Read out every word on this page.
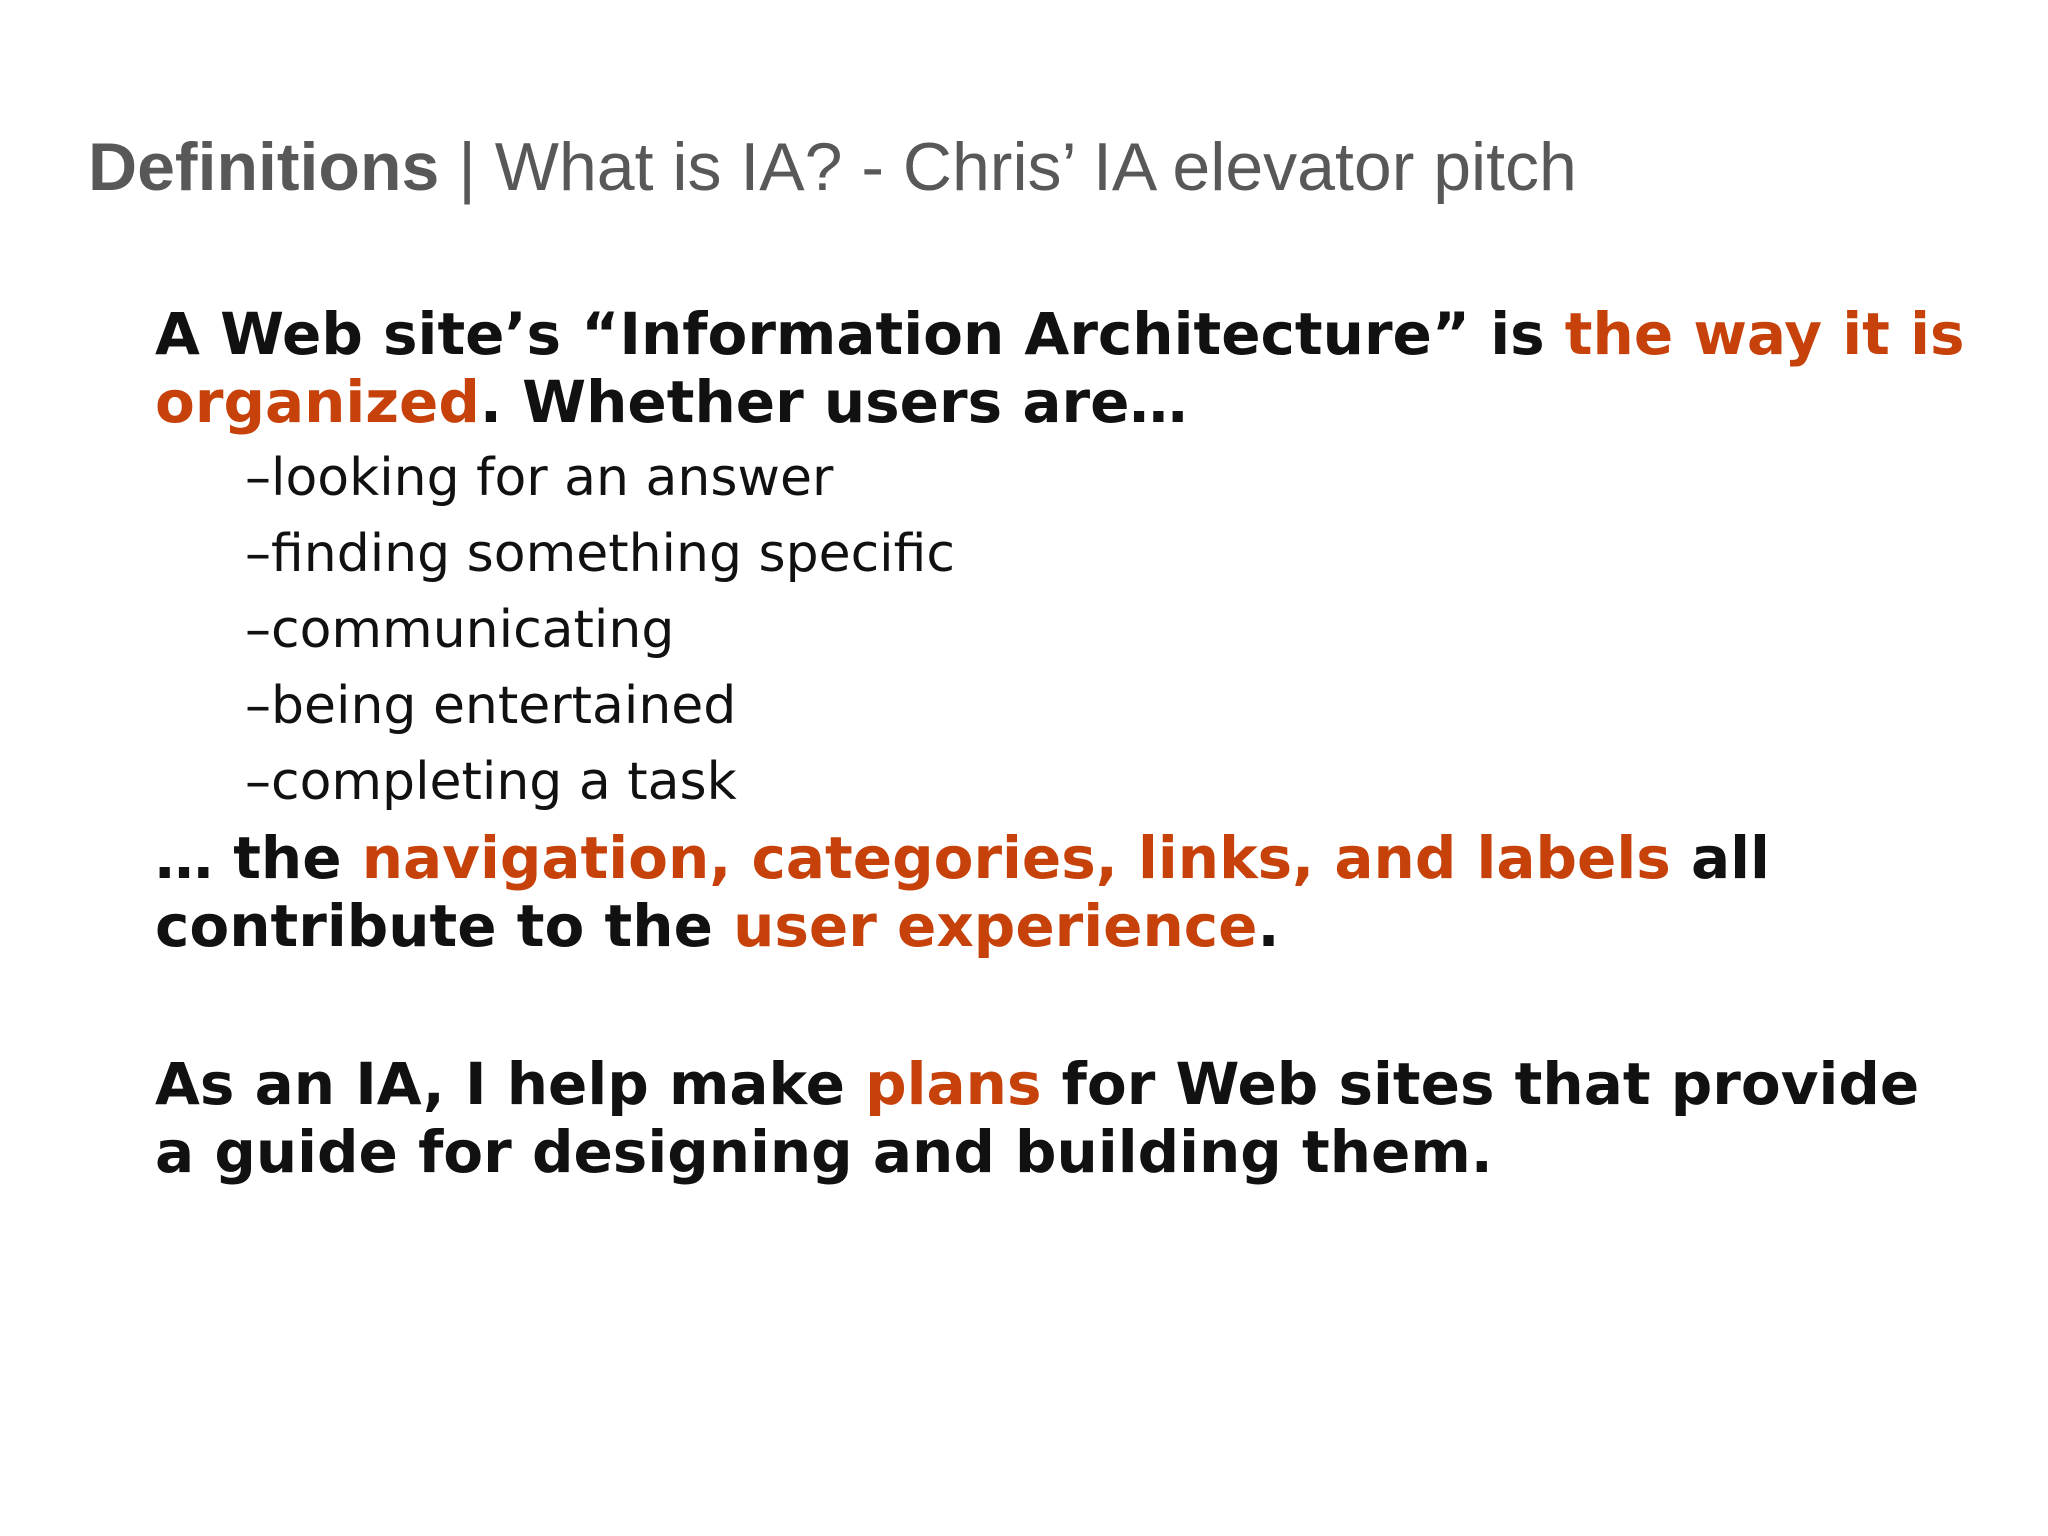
Definitions | What is IA? - Chris’ IA elevator pitch

A Web site’s “Information Architecture” is the way it is organized. Whether users are…

–looking for an answer
–finding something specific
–communicating
–being entertained
–completing a task

… the navigation, categories, links, and labels all contribute to the user experience.

As an IA, I help make plans for Web sites that provide a guide for designing and building them.
